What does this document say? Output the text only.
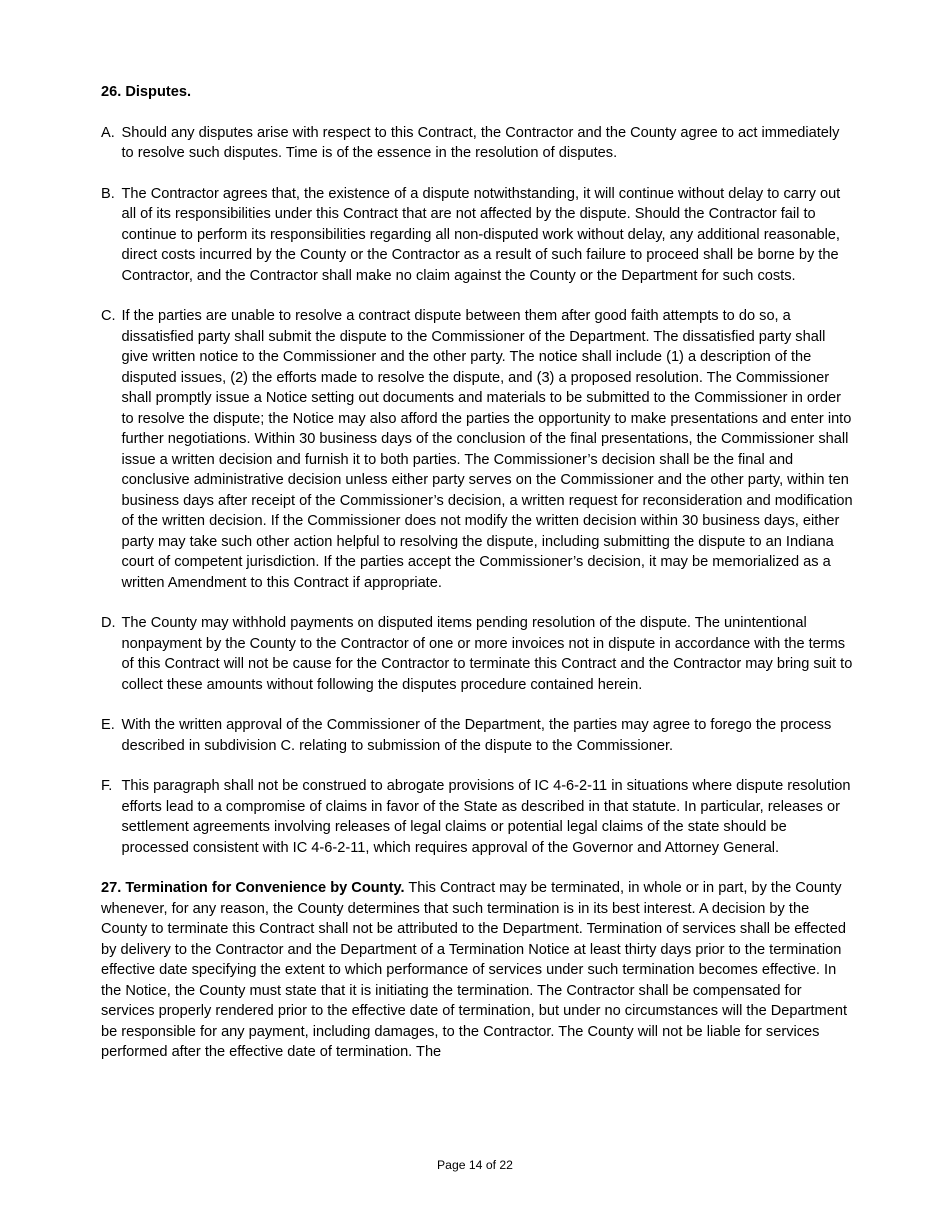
26. Disputes.

A. Should any disputes arise with respect to this Contract, the Contractor and the County agree to act immediately to resolve such disputes. Time is of the essence in the resolution of disputes.
B. The Contractor agrees that, the existence of a dispute notwithstanding, it will continue without delay to carry out all of its responsibilities under this Contract that are not affected by the dispute. Should the Contractor fail to continue to perform its responsibilities regarding all non-disputed work without delay, any additional reasonable, direct costs incurred by the County or the Contractor as a result of such failure to proceed shall be borne by the Contractor, and the Contractor shall make no claim against the County or the Department for such costs.
C. If the parties are unable to resolve a contract dispute between them after good faith attempts to do so, a dissatisfied party shall submit the dispute to the Commissioner of the Department. The dissatisfied party shall give written notice to the Commissioner and the other party. The notice shall include (1) a description of the disputed issues, (2) the efforts made to resolve the dispute, and (3) a proposed resolution. The Commissioner shall promptly issue a Notice setting out documents and materials to be submitted to the Commissioner in order to resolve the dispute; the Notice may also afford the parties the opportunity to make presentations and enter into further negotiations. Within 30 business days of the conclusion of the final presentations, the Commissioner shall issue a written decision and furnish it to both parties. The Commissioner’s decision shall be the final and conclusive administrative decision unless either party serves on the Commissioner and the other party, within ten business days after receipt of the Commissioner’s decision, a written request for reconsideration and modification of the written decision. If the Commissioner does not modify the written decision within 30 business days, either party may take such other action helpful to resolving the dispute, including submitting the dispute to an Indiana court of competent jurisdiction. If the parties accept the Commissioner’s decision, it may be memorialized as a written Amendment to this Contract if appropriate.
D. The County may withhold payments on disputed items pending resolution of the dispute. The unintentional nonpayment by the County to the Contractor of one or more invoices not in dispute in accordance with the terms of this Contract will not be cause for the Contractor to terminate this Contract and the Contractor may bring suit to collect these amounts without following the disputes procedure contained herein.
E. With the written approval of the Commissioner of the Department, the parties may agree to forego the process described in subdivision C. relating to submission of the dispute to the Commissioner.
F. This paragraph shall not be construed to abrogate provisions of IC 4-6-2-11 in situations where dispute resolution efforts lead to a compromise of claims in favor of the State as described in that statute. In particular, releases or settlement agreements involving releases of legal claims or potential legal claims of the state should be processed consistent with IC 4-6-2-11, which requires approval of the Governor and Attorney General.

27. Termination for Convenience by County. This Contract may be terminated, in whole or in part, by the County whenever, for any reason, the County determines that such termination is in its best interest. A decision by the County to terminate this Contract shall not be attributed to the Department. Termination of services shall be effected by delivery to the Contractor and the Department of a Termination Notice at least thirty days prior to the termination effective date specifying the extent to which performance of services under such termination becomes effective. In the Notice, the County must state that it is initiating the termination. The Contractor shall be compensated for services properly rendered prior to the effective date of termination, but under no circumstances will the Department be responsible for any payment, including damages, to the Contractor. The County will not be liable for services performed after the effective date of termination. The

Page 14 of 22
